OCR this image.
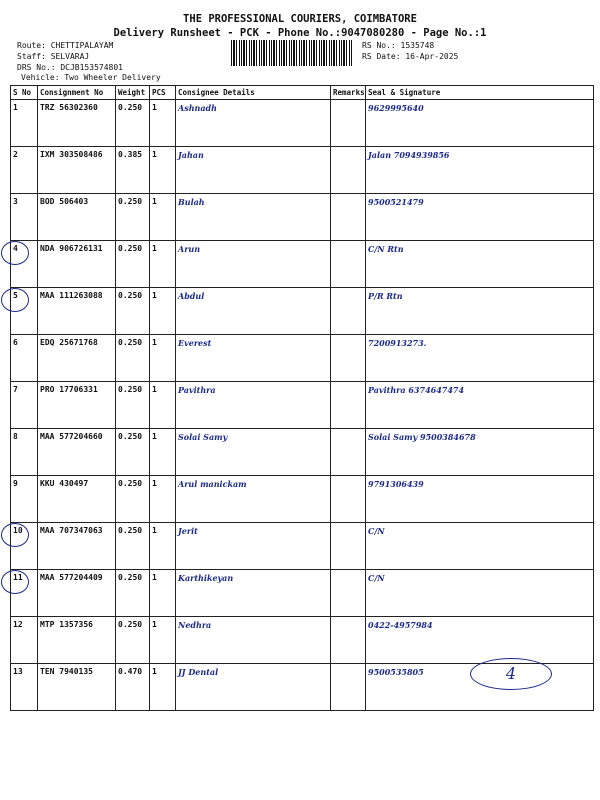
THE PROFESSIONAL COURIERS, COIMBATORE
Delivery Runsheet - PCK - Phone No.:9047080280 - Page No.:1
Route: CHETTIPALAYAM
Staff: SELVARAJ
DRS No.: DCJB153574801
Vehicle: Two Wheeler Delivery
RS No.: 1535748
RS Date: 16-Apr-2025
S No	Consignment No	Weight	PCS	Consignee Details	Remarks	Seal & Signature
1	TRZ 56302360	0.250	1	Ashnadh		9629995640
2	IXM 303508486	0.385	1	Jahan		Jalan 7094939856
3	BOD 506403	0.250	1	Bulah		9500521479
4	NDA 906726131	0.250	1	Arun		C/N Rtn
5	MAA 111263088	0.250	1	Abdul		P/R Rtn
6	EDQ 25671768	0.250	1	Everest		7200913273.
7	PRO 17706331	0.250	1	Pavithra		Pavithra 6374647474
8	MAA 577204660	0.250	1	Solai Samy		Solai Samy 9500384678
9	KKU 430497	0.250	1	Arul manickam		9791306439
10	MAA 707347063	0.250	1	Jerit		C/N
11	MAA 577204409	0.250	1	Karthikeyan		C/N
12	MTP 1357356	0.250	1	Nedhra		0422-4957984
13	TEN 7940135	0.470	1	JJ Dental		9500535805	4
